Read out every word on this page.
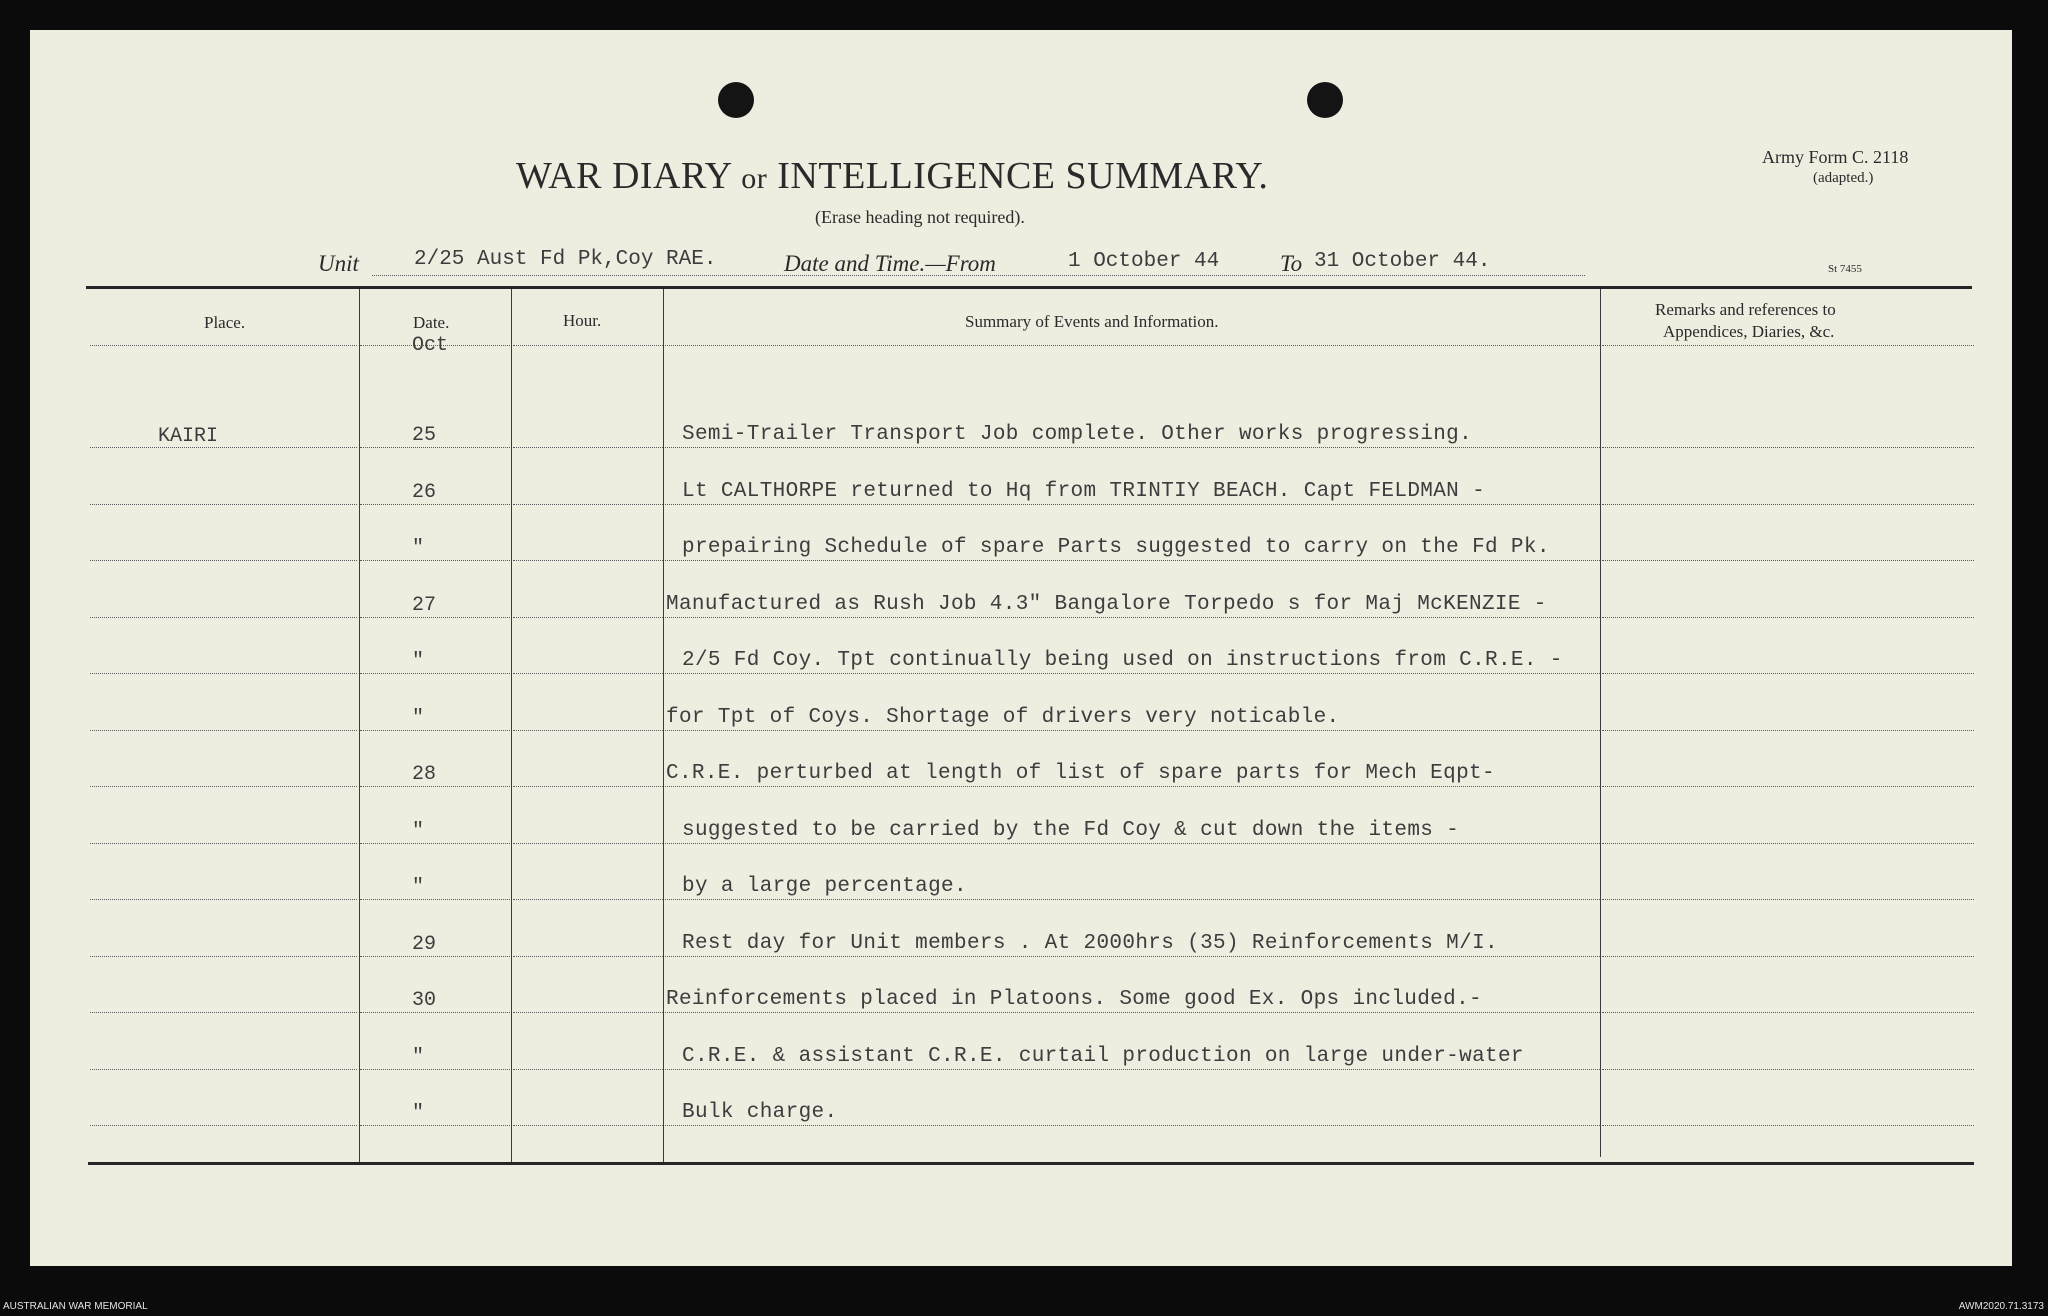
WAR DIARY or INTELLIGENCE SUMMARY.
(Erase heading not required).
Army Form C. 2118
(adapted.)
Unit	2/25 Aust Fd Pk,Coy RAE.	Date and Time.—From	1 October 44	To 31 October 44.	St 7455
Place.	Date.
Oct
Hour.	Summary of Events and Information.
Remarks and references to
Appendices, Diaries, &c.
KAIRI	25	Semi-Trailer Transport Job complete. Other works progressing.
26	Lt CALTHORPE returned to Hq from TRINTIY BEACH. Capt FELDMAN -
"	prepairing Schedule of spare Parts suggested to carry on the Fd Pk.
27	Manufactured as Rush Job 4.3" Bangalore Torpedo s for Maj McKENZIE -
"	2/5 Fd Coy. Tpt continually being used on instructions from C.R.E. -
"	for Tpt of Coys. Shortage of drivers very noticable.
28	C.R.E. perturbed at length of list of spare parts for Mech Eqpt-
"	suggested to be carried by the Fd Coy & cut down the items -
"	by a large percentage.
29	Rest day for Unit members . At 2000hrs (35) Reinforcements M/I.
30	Reinforcements placed in Platoons. Some good Ex. Ops included.-
"	C.R.E. & assistant C.R.E. curtail production on large under-water
"	Bulk charge.
AUSTRALIAN WAR MEMORIAL	AWM2020.71.3173
